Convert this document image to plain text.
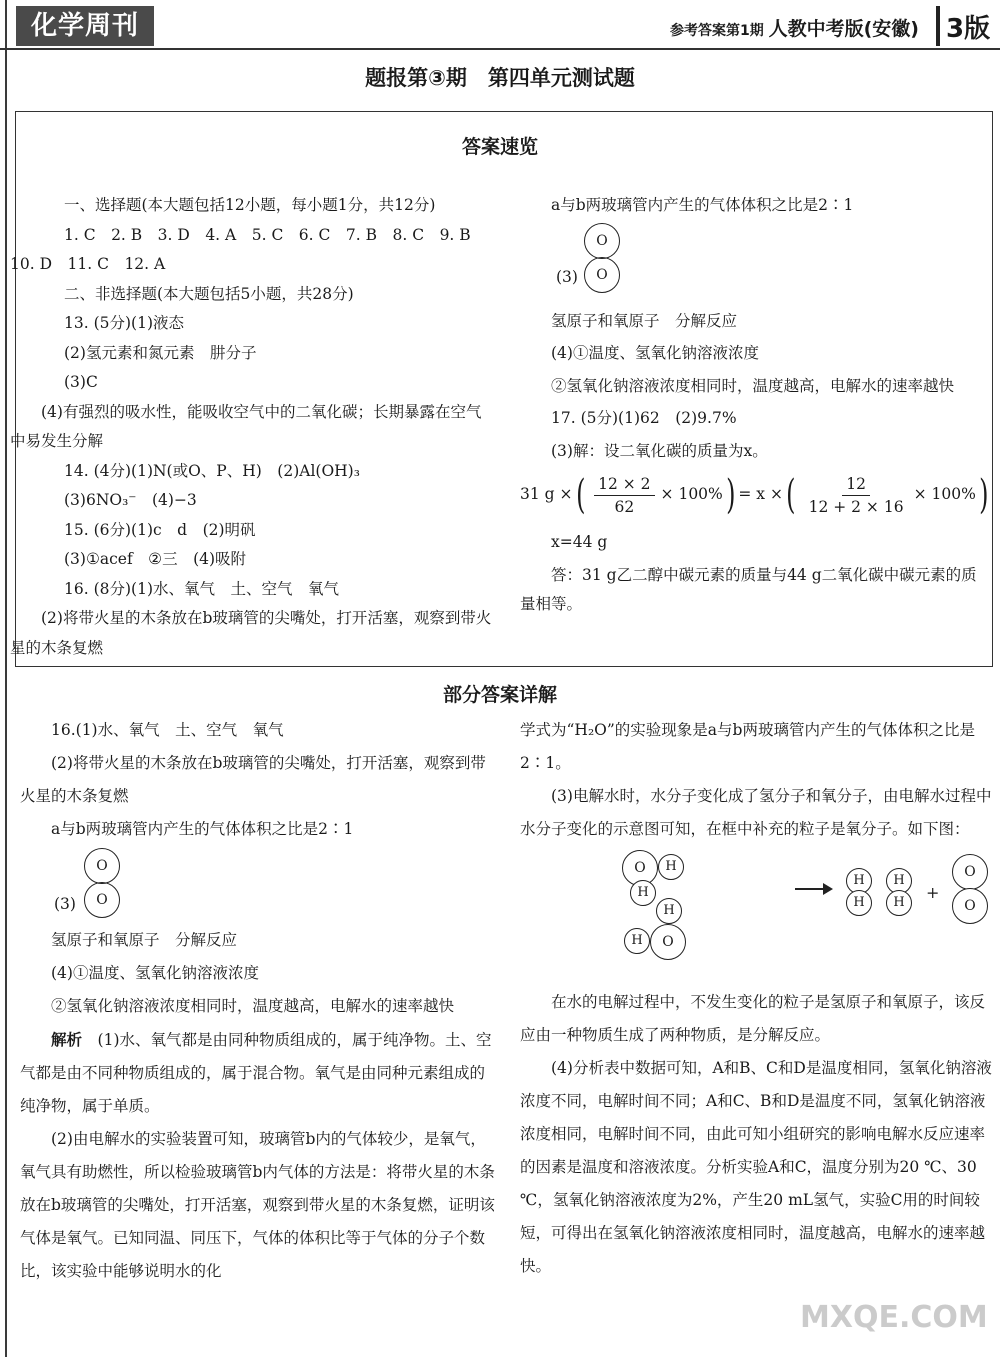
化学周刊	参考答案第1期 人教中考版(安徽) 3版
题报第③期　第四单元测试题
答案速览

一、选择题(本大题包括12小题，每小题1分，共12分)

1. C　2. B　3. D　4. A　5. C　6. C　7. B　8. C　9. B

10. D　11. C　12. A

二、非选择题(本大题包括5小题，共28分)

13. (5分)(1)液态

(2)氢元素和氮元素　肼分子

(3)C

(4)有强烈的吸水性，能吸收空气中的二氧化碳；长期暴露在空气中易发生分解

14. (4分)(1)N(或O、P、H)　(2)Al(OH)₃

(3)6NO₃⁻　(4)−3

15. (6分)(1)c　d　(2)明矾

(3)①acef　②三　(4)吸附

16. (8分)(1)水、氧气　土、空气　氧气

(2)将带火星的木条放在b玻璃管的尖嘴处，打开活塞，观察到带火星的木条复燃

a与b两玻璃管内产生的气体体积之比是2∶1

O
O
(3)

氢原子和氧原子　分解反应

(4)①温度、氢氧化钠溶液浓度

②氢氧化钠溶液浓度相同时，温度越高，电解水的速率越快

17. (5分)(1)62　(2)9.7%

(3)解：设二氧化碳的质量为x。

31 g × ( $\frac{12 \times 2}{62} \times 100\%$ ) = x × ( $\frac{12}{12 + 2 \times 16} \times 100\%$ )

x=44 g

答：31 g乙二醇中碳元素的质量与44 g二氧化碳中碳元素的质量相等。

部分答案详解

16.(1)水、氧气　土、空气　氧气

(2)将带火星的木条放在b玻璃管的尖嘴处，打开活塞，观察到带火星的木条复燃

a与b两玻璃管内产生的气体体积之比是2∶1

O
O
(3)

氢原子和氧原子　分解反应

(4)①温度、氢氧化钠溶液浓度

②氢氧化钠溶液浓度相同时，温度越高，电解水的速率越快

解析　 (1)水、氧气都是由同种物质组成的，属于纯净物。土、空气都是由不同种物质组成的，属于混合物。氧气是由同种元素组成的纯净物，属于单质。

(2)由电解水的实验装置可知，玻璃管b内的气体较少，是氧气，氧气具有助燃性，所以检验玻璃管b内气体的方法是：将带火星的木条放在b玻璃管的尖嘴处，打开活塞，观察到带火星的木条复燃，证明该气体是氧气。已知同温、同压下，气体的体积比等于气体的分子个数比，该实验中能够说明水的化

学式为“H₂O”的实验现象是a与b两玻璃管内产生的气体体积之比是2∶1。

(3)电解水时，水分子变化成了氢分子和氧分子，由电解水过程中水分子变化的示意图可知，在框中补充的粒子是氧分子。如下图：

O	H
H
H
H	O
H
H
H
H
+
O
O

在水的电解过程中，不发生变化的粒子是氢原子和氧原子，该反应由一种物质生成了两种物质，是分解反应。

(4)分析表中数据可知，A和B、C和D是温度相同，氢氧化钠溶液浓度不同，电解时间不同；A和C、B和D是温度不同，氢氧化钠溶液浓度相同，电解时间不同，由此可知小组研究的影响电解水反应速率的因素是温度和溶液浓度。分析实验A和C，温度分别为20 ℃、30 ℃，氢氧化钠溶液浓度为2%，产生20 mL氢气，实验C用的时间较短，可得出在氢氧化钠溶液浓度相同时，温度越高，电解水的速率越快。

MXQE.COM
